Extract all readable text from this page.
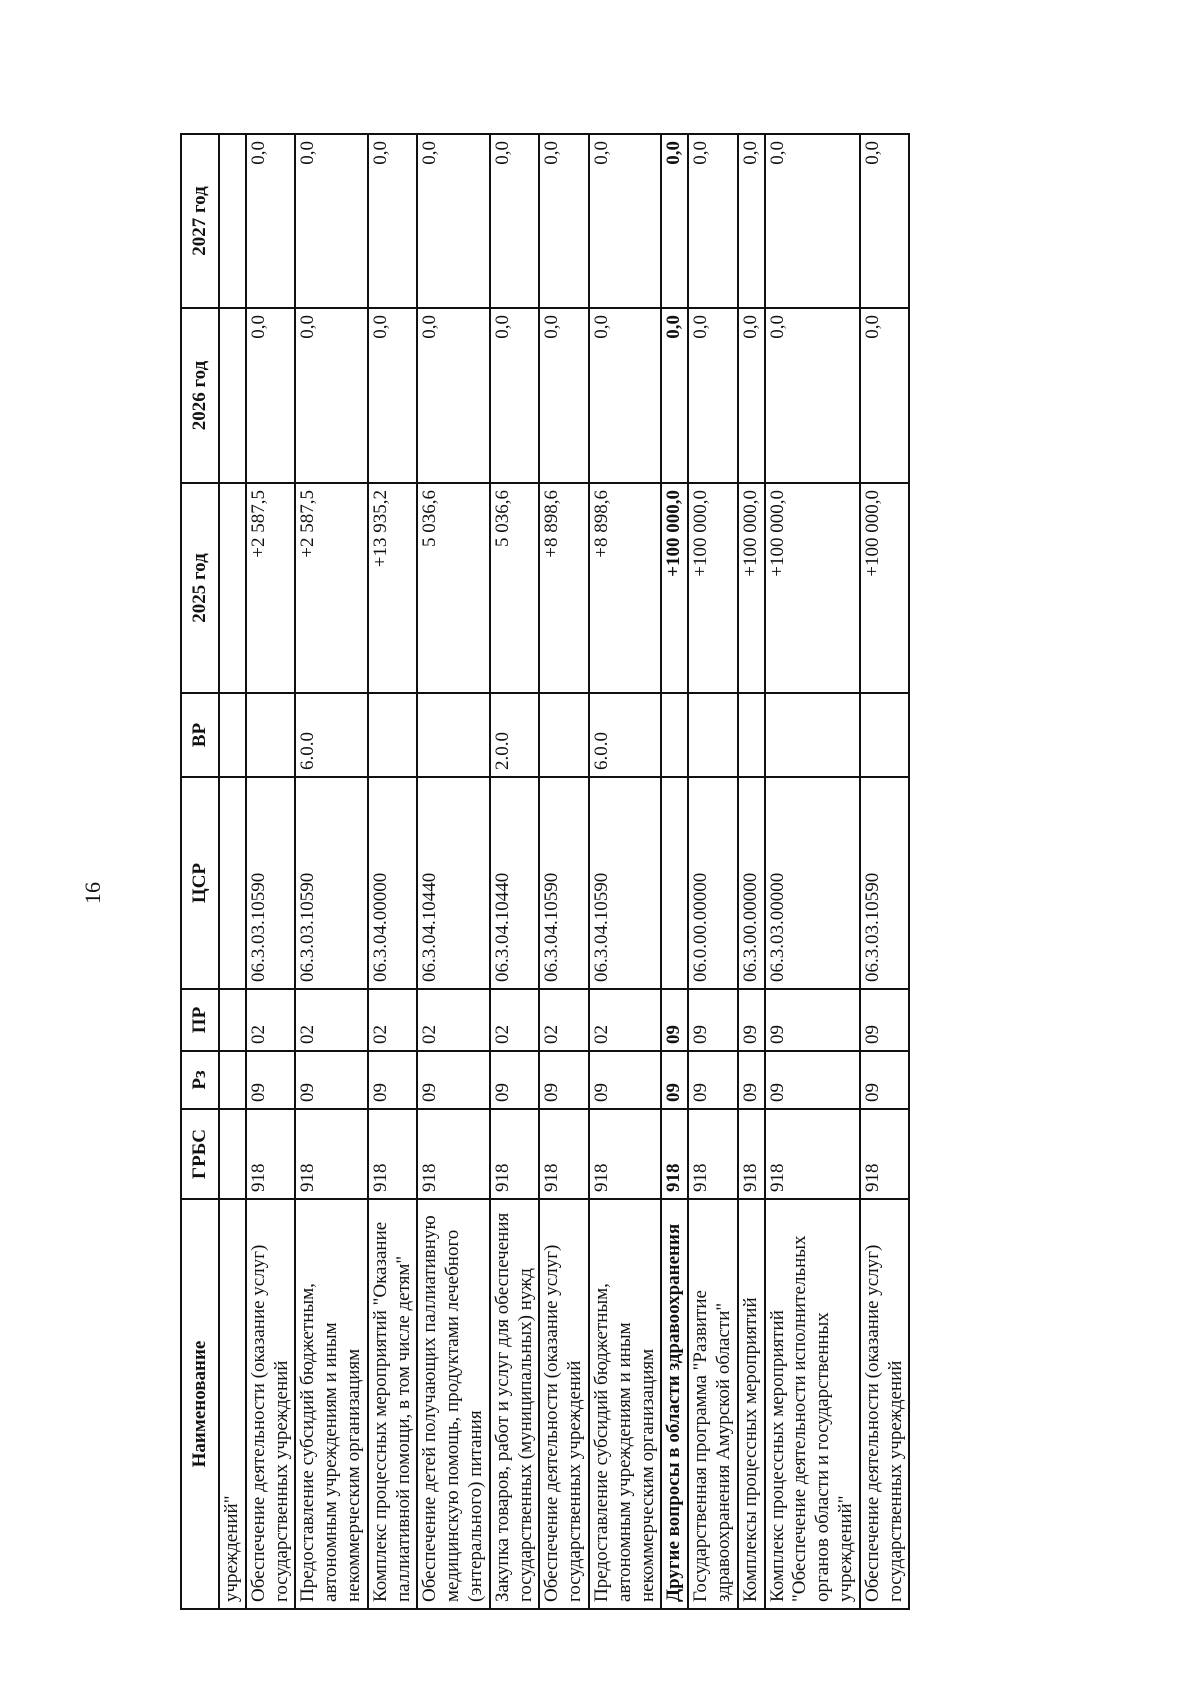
16
Наименование	ГРБС	Рз	ПР	ЦСР	ВР	2025 год	2026 год	2027 год
учреждений"								
Обеспечение деятельности (оказание услуг) государственных учреждений	918	09	02	06.3.03.10590		+2 587,5	0,0	0,0
Предоставление субсидий бюджетным, автономным учреждениям и иным некоммерческим организациям	918	09	02	06.3.03.10590	6.0.0	+2 587,5	0,0	0,0
Комплекс процессных мероприятий "Оказание паллиативной помощи, в том числе детям"	918	09	02	06.3.04.00000		+13 935,2	0,0	0,0
Обеспечение детей получающих паллиативную медицинскую помощь, продуктами лечебного (энтерального) питания	918	09	02	06.3.04.10440		5 036,6	0,0	0,0
Закупка товаров, работ и услуг для обеспечения государственных (муниципальных) нужд	918	09	02	06.3.04.10440	2.0.0	5 036,6	0,0	0,0
Обеспечение деятельности (оказание услуг) государственных учреждений	918	09	02	06.3.04.10590		+8 898,6	0,0	0,0
Предоставление субсидий бюджетным, автономным учреждениям и иным некоммерческим организациям	918	09	02	06.3.04.10590	6.0.0	+8 898,6	0,0	0,0
Другие вопросы в области здравоохранения	918	09	09			+100 000,0	0,0	0,0
Государственная программа "Развитие здравоохранения Амурской области"	918	09	09	06.0.00.00000		+100 000,0	0,0	0,0
Комплексы процессных мероприятий	918	09	09	06.3.00.00000		+100 000,0	0,0	0,0
Комплекс процессных мероприятий "Обеспечение деятельности исполнительных органов области и государственных учреждений"	918	09	09	06.3.03.00000		+100 000,0	0,0	0,0
Обеспечение деятельности (оказание услуг) государственных учреждений	918	09	09	06.3.03.10590		+100 000,0	0,0	0,0
